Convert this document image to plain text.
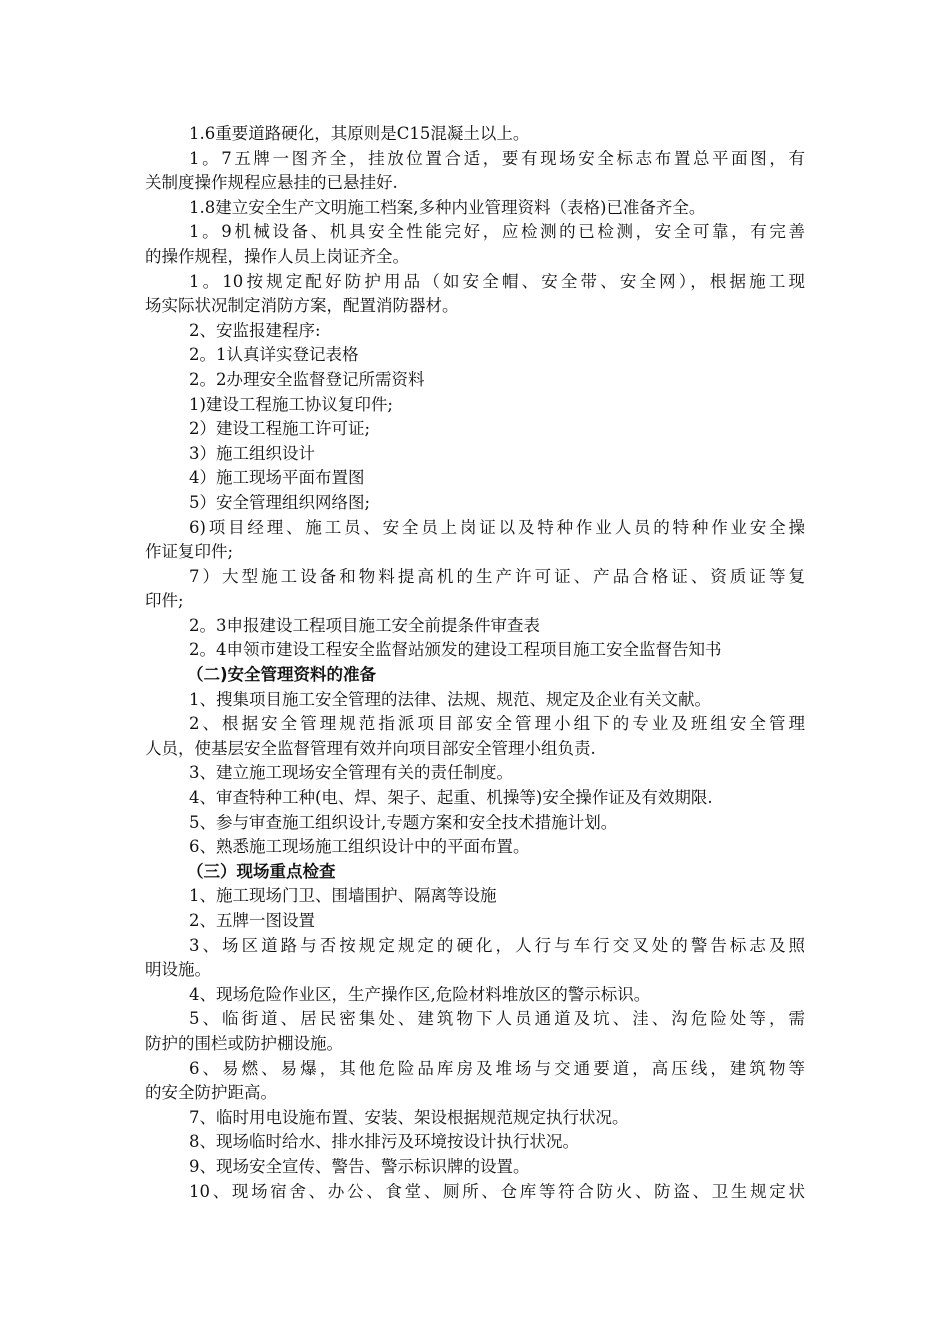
1.6重要道路硬化，其原则是C15混凝土以上。
1。7五牌一图齐全，挂放位置合适，要有现场安全标志布置总平面图，有
关制度操作规程应悬挂的已悬挂好.
1.8建立安全生产文明施工档案,多种内业管理资料（表格)已准备齐全。
1。9机械设备、机具安全性能完好，应检测的已检测，安全可靠，有完善
的操作规程，操作人员上岗证齐全。
1。10按规定配好防护用品（如安全帽、安全带、安全网），根据施工现
场实际状况制定消防方案，配置消防器材。
2、安监报建程序:
2。1认真详实登记表格
2。2办理安全监督登记所需资料
1)建设工程施工协议复印件;
2）建设工程施工许可证;
3）施工组织设计
4）施工现场平面布置图
5）安全管理组织网络图;
6)项目经理、施工员、安全员上岗证以及特种作业人员的特种作业安全操
作证复印件;
7）大型施工设备和物料提高机的生产许可证、产品合格证、资质证等复
印件;
2。3申报建设工程项目施工安全前提条件审查表
2。4申领市建设工程安全监督站颁发的建设工程项目施工安全监督告知书
（二)安全管理资料的准备
1、搜集项目施工安全管理的法律、法规、规范、规定及企业有关文献。
2、根据安全管理规范指派项目部安全管理小组下的专业及班组安全管理
人员，使基层安全监督管理有效并向项目部安全管理小组负责.
3、建立施工现场安全管理有关的责任制度。
4、审查特种工种(电、焊、架子、起重、机操等)安全操作证及有效期限.
5、参与审查施工组织设计,专题方案和安全技术措施计划。
6、熟悉施工现场施工组织设计中的平面布置。
（三）现场重点检查
1、施工现场门卫、围墙围护、隔离等设施
2、五牌一图设置
3、场区道路与否按规定规定的硬化，人行与车行交叉处的警告标志及照
明设施。
4、现场危险作业区，生产操作区,危险材料堆放区的警示标识。
5、临街道、居民密集处、建筑物下人员通道及坑、洼、沟危险处等，需
防护的围栏或防护棚设施。
6、易燃、易爆，其他危险品库房及堆场与交通要道，高压线，建筑物等
的安全防护距高。
7、临时用电设施布置、安装、架设根据规范规定执行状况。
8、现场临时给水、排水排污及环境按设计执行状况。
9、现场安全宣传、警告、警示标识牌的设置。
10、现场宿舍、办公、食堂、厕所、仓库等符合防火、防盗、卫生规定状
